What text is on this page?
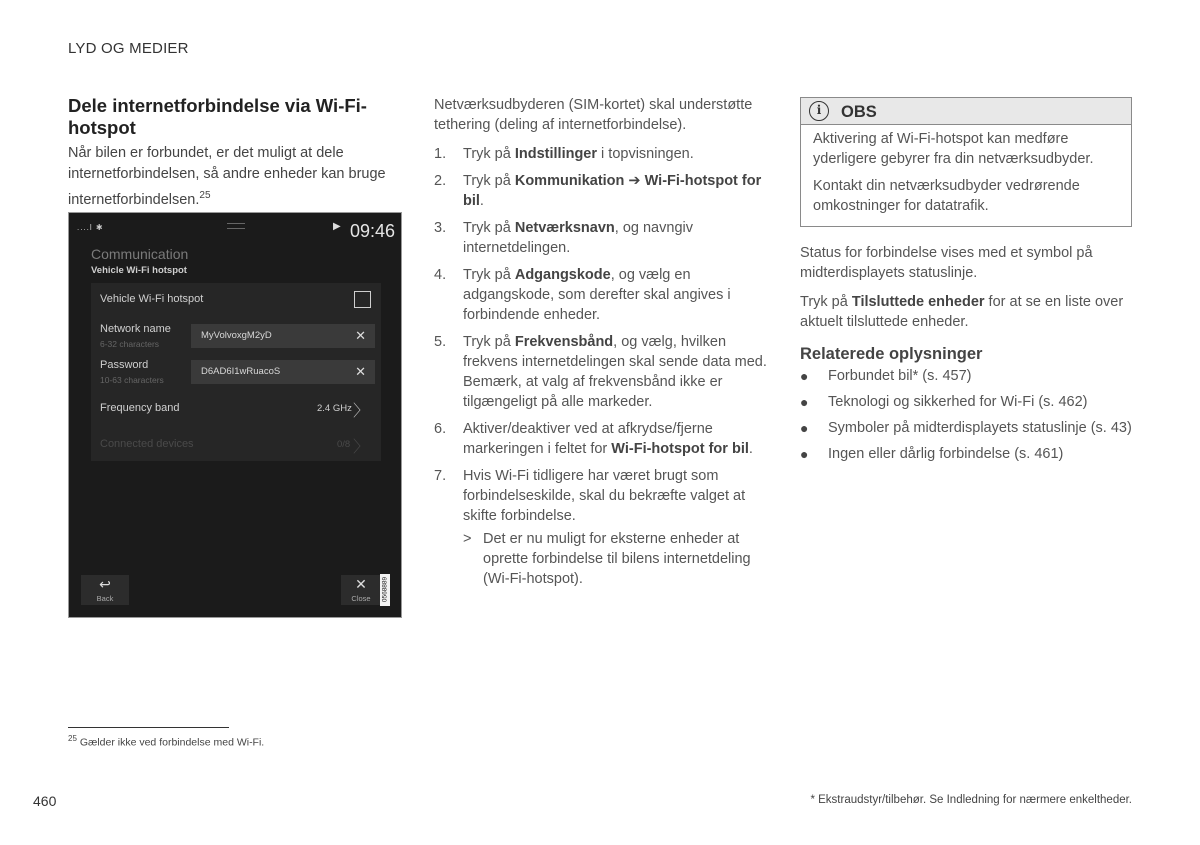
LYD OG MEDIER
Dele internetforbindelse via Wi-Fi-hotspot

Når bilen er forbundet, er det muligt at dele internetforbindelsen, så andre enheder kan bruge internetforbindelsen.$^{25}$

....l ✱	▶ 09:46
Communication
Vehicle Wi-Fi hotspot
Vehicle Wi-Fi hotspot
Network name
6-32 characters
MyVolvoxgM2yD	✕
Password
10-63 characters
D6AD6I1wRuacoS	✕
Frequency band	2.4 GHz 〉
Connected devices	0/8 〉
↩
Back
✕
Close	0568889

Netværksudbyderen (SIM-kortet) skal understøtte tethering (deling af internetforbindelse).

1. Tryk på Indstillinger i topvisningen.
2. Tryk på Kommunikation ➔ Wi-Fi-hotspot for bil.
3. Tryk på Netværksnavn, og navngiv internetdelingen.
4. Tryk på Adgangskode, og vælg en adgangskode, som derefter skal angives i forbindende enheder.
5. Tryk på Frekvensbånd, og vælg, hvilken frekvens internetdelingen skal sende data med. Bemærk, at valg af frekvensbånd ikke er tilgængeligt på alle markeder.
6. Aktiver/deaktiver ved at afkrydse/fjerne markeringen i feltet for Wi-Fi-hotspot for bil.
7. Hvis Wi-Fi tidligere har været brugt som forbindelseskilde, skal du bekræfte valget at skifte forbindelse.
> Det er nu muligt for eksterne enheder at oprette forbindelse til bilens internetdeling (Wi-Fi-hotspot).
i	OBS

Aktivering af Wi-Fi-hotspot kan medføre yderligere gebyrer fra din netværksudbyder.

Kontakt din netværksudbyder vedrørende omkostninger for datatrafik.

Status for forbindelse vises med et symbol på midterdisplayets statuslinje.

Tryk på Tilsluttede enheder for at se en liste over aktuelt tilsluttede enheder.

Relaterede oplysninger
● Forbundet bil* (s. 457)
● Teknologi og sikkerhed for Wi-Fi (s. 462)
● Symboler på midterdisplayets statuslinje (s. 43)
● Ingen eller dårlig forbindelse (s. 461)
$^{25}$ Gælder ikke ved forbindelse med Wi-Fi.
460	* Ekstraudstyr/tilbehør. Se Indledning for nærmere enkeltheder.
